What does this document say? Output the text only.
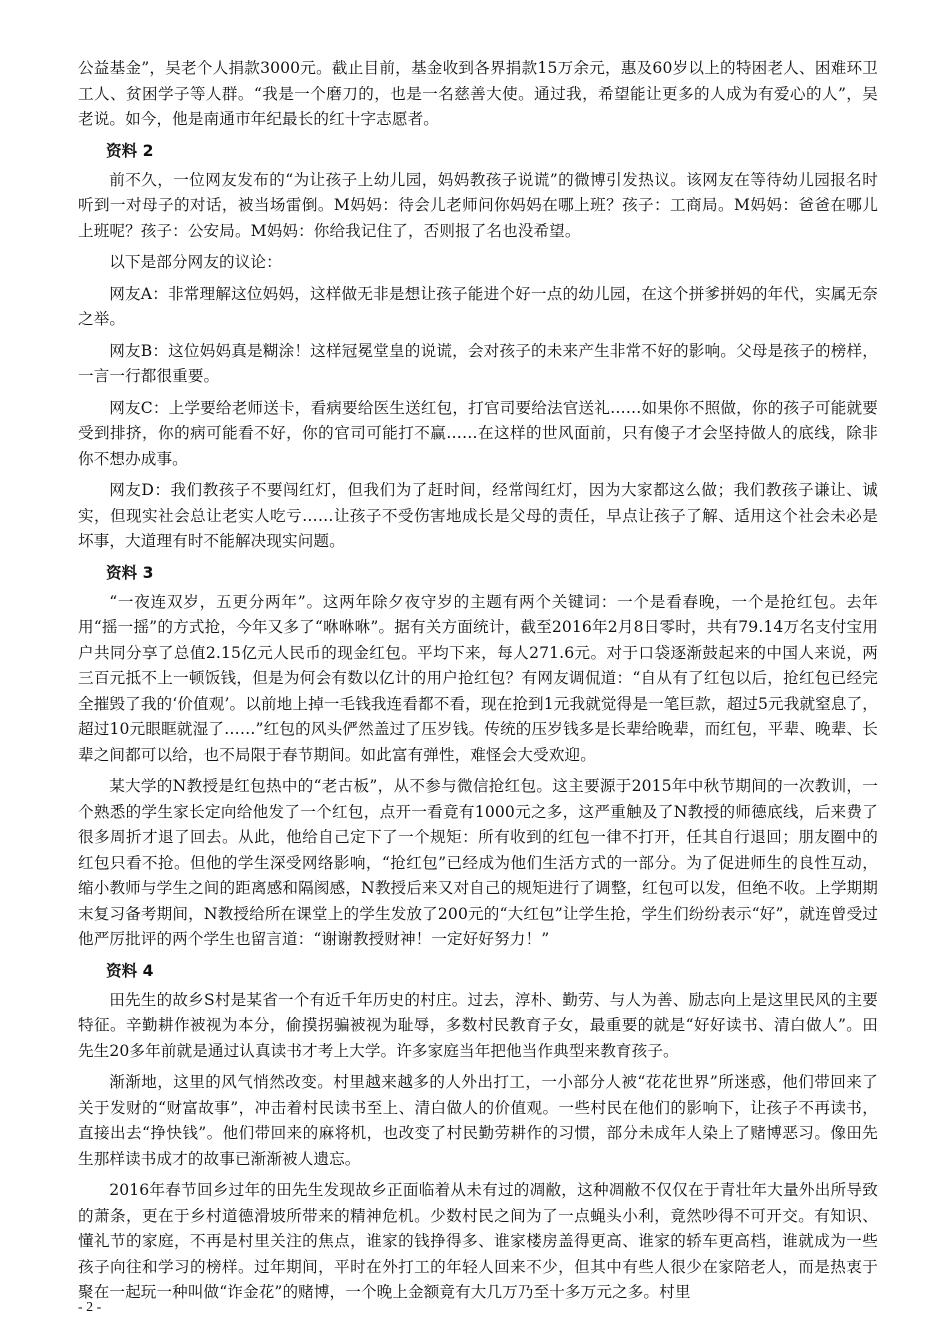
公益基金”，吴老个人捐款3000元。截止目前，基金收到各界捐款15万余元，惠及60岁以上的特困老人、困难环卫工人、贫困学子等人群。“我是一个磨刀的，也是一名慈善大使。通过我，希望能让更多的人成为有爱心的人”，吴老说。如今，他是南通市年纪最长的红十字志愿者。

资料 2

前不久，一位网友发布的“为让孩子上幼儿园，妈妈教孩子说谎”的微博引发热议。该网友在等待幼儿园报名时听到一对母子的对话，被当场雷倒。M妈妈：待会儿老师问你妈妈在哪上班？孩子：工商局。M妈妈：爸爸在哪儿上班呢？孩子：公安局。M妈妈：你给我记住了，否则报了名也没希望。

以下是部分网友的议论：

网友A：非常理解这位妈妈，这样做无非是想让孩子能进个好一点的幼儿园，在这个拼爹拼妈的年代，实属无奈之举。

网友B：这位妈妈真是糊涂！这样冠冕堂皇的说谎，会对孩子的未来产生非常不好的影响。父母是孩子的榜样，一言一行都很重要。

网友C：上学要给老师送卡，看病要给医生送红包，打官司要给法官送礼……如果你不照做，你的孩子可能就要受到排挤，你的病可能看不好，你的官司可能打不赢……在这样的世风面前，只有傻子才会坚持做人的底线，除非你不想办成事。

网友D：我们教孩子不要闯红灯，但我们为了赶时间，经常闯红灯，因为大家都这么做；我们教孩子谦让、诚实，但现实社会总让老实人吃亏……让孩子不受伤害地成长是父母的责任，早点让孩子了解、适用这个社会未必是坏事，大道理有时不能解决现实问题。

资料 3

“一夜连双岁，五更分两年”。这两年除夕夜守岁的主题有两个关键词：一个是看春晚，一个是抢红包。去年用“摇一摇”的方式抢，今年又多了“咻咻咻”。据有关方面统计，截至2016年2月8日零时，共有79.14万名支付宝用户共同分享了总值2.15亿元人民币的现金红包。平均下来，每人271.6元。对于口袋逐渐鼓起来的中国人来说，两三百元抵不上一顿饭钱，但是为何会有数以亿计的用户抢红包？有网友调侃道：“自从有了红包以后，抢红包已经完全摧毁了我的‘价值观’。以前地上掉一毛钱我连看都不看，现在抢到1元我就觉得是一笔巨款，超过5元我就窒息了，超过10元眼眶就湿了……”红包的风头俨然盖过了压岁钱。传统的压岁钱多是长辈给晚辈，而红包，平辈、晚辈、长辈之间都可以给，也不局限于春节期间。如此富有弹性，难怪会大受欢迎。

某大学的N教授是红包热中的“老古板”，从不参与微信抢红包。这主要源于2015年中秋节期间的一次教训，一个熟悉的学生家长定向给他发了一个红包，点开一看竟有1000元之多，这严重触及了N教授的师德底线，后来费了很多周折才退了回去。从此，他给自己定下了一个规矩：所有收到的红包一律不打开，任其自行退回；朋友圈中的红包只看不抢。但他的学生深受网络影响，“抢红包”已经成为他们生活方式的一部分。为了促进师生的良性互动，缩小教师与学生之间的距离感和隔阂感，N教授后来又对自己的规矩进行了调整，红包可以发，但绝不收。上学期期末复习备考期间，N教授给所在课堂上的学生发放了200元的“大红包”让学生抢，学生们纷纷表示“好”，就连曾受过他严厉批评的两个学生也留言道：“谢谢教授财神！一定好好努力！”

资料 4

田先生的故乡S村是某省一个有近千年历史的村庄。过去，淳朴、勤劳、与人为善、励志向上是这里民风的主要特征。辛勤耕作被视为本分，偷摸拐骗被视为耻辱，多数村民教育子女，最重要的就是“好好读书、清白做人”。田先生20多年前就是通过认真读书才考上大学。许多家庭当年把他当作典型来教育孩子。

渐渐地，这里的风气悄然改变。村里越来越多的人外出打工，一小部分人被“花花世界”所迷惑，他们带回来了关于发财的“财富故事”，冲击着村民读书至上、清白做人的价值观。一些村民在他们的影响下，让孩子不再读书，直接出去“挣快钱”。他们带回来的麻将机，也改变了村民勤劳耕作的习惯，部分未成年人染上了赌博恶习。像田先生那样读书成才的故事已渐渐被人遗忘。

2016年春节回乡过年的田先生发现故乡正面临着从未有过的凋敝，这种凋敝不仅仅在于青壮年大量外出所导致的萧条，更在于乡村道德滑坡所带来的精神危机。少数村民之间为了一点蝇头小利，竟然吵得不可开交。有知识、懂礼节的家庭，不再是村里关注的焦点，谁家的钱挣得多、谁家楼房盖得更高、谁家的轿车更高档，谁就成为一些孩子向往和学习的榜样。过年期间，平时在外打工的年轻人回来不少，但其中有些人很少在家陪老人，而是热衷于聚在一起玩一种叫做“诈金花”的赌博，一个晚上金额竟有大几万乃至十多万元之多。村里

- 2 -
